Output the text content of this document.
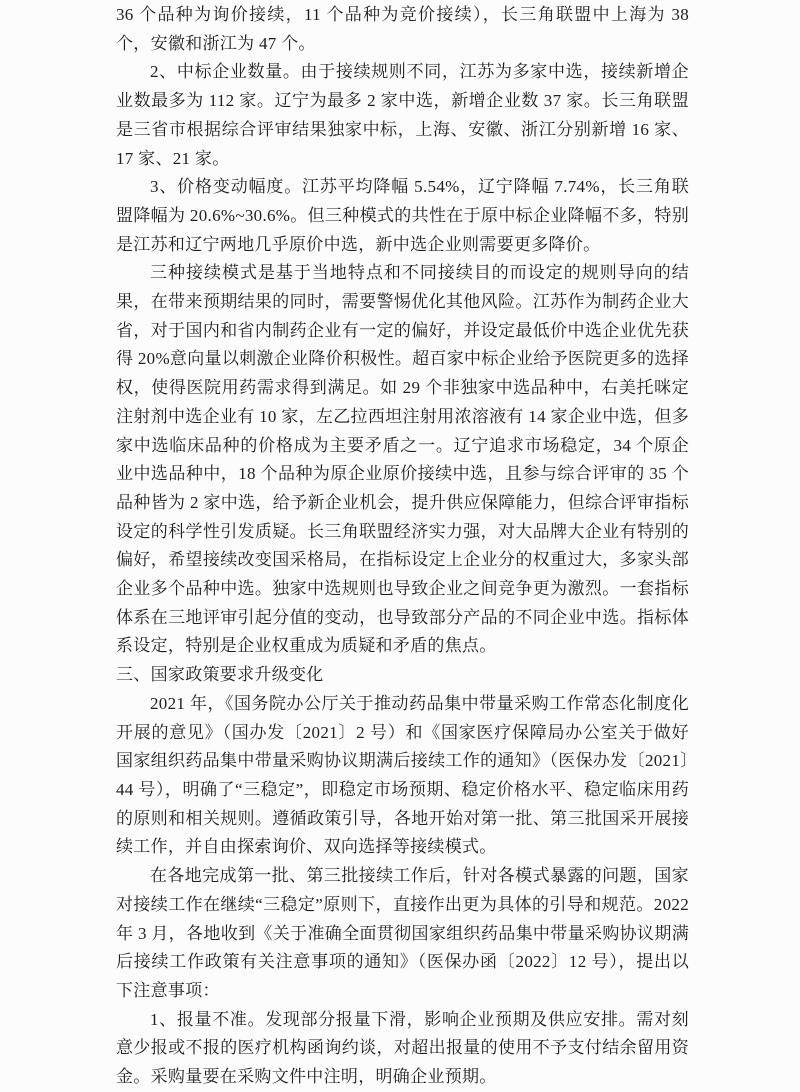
36 个品种为询价接续，11 个品种为竞价接续），长三角联盟中上海为 38 个，安徽和浙江为 47 个。

2、中标企业数量。由于接续规则不同，江苏为多家中选，接续新增企业数最多为 112 家。辽宁为最多 2 家中选，新增企业数 37 家。长三角联盟是三省市根据综合评审结果独家中标，上海、安徽、浙江分别新增 16 家、17 家、21 家。

3、价格变动幅度。江苏平均降幅 5.54%，辽宁降幅 7.74%，长三角联盟降幅为 20.6%~30.6%。但三种模式的共性在于原中标企业降幅不多，特别是江苏和辽宁两地几乎原价中选，新中选企业则需要更多降价。

三种接续模式是基于当地特点和不同接续目的而设定的规则导向的结果，在带来预期结果的同时，需要警惕优化其他风险。江苏作为制药企业大省，对于国内和省内制药企业有一定的偏好，并设定最低价中选企业优先获得 20%意向量以刺激企业降价积极性。超百家中标企业给予医院更多的选择权，使得医院用药需求得到满足。如 29 个非独家中选品种中，右美托咪定注射剂中选企业有 10 家，左乙拉西坦注射用浓溶液有 14 家企业中选，但多家中选临床品种的价格成为主要矛盾之一。辽宁追求市场稳定，34 个原企业中选品种中，18 个品种为原企业原价接续中选，且参与综合评审的 35 个品种皆为 2 家中选，给予新企业机会，提升供应保障能力，但综合评审指标设定的科学性引发质疑。长三角联盟经济实力强，对大品牌大企业有特别的偏好，希望接续改变国采格局，在指标设定上企业分的权重过大，多家头部企业多个品种中选。独家中选规则也导致企业之间竞争更为激烈。一套指标体系在三地评审引起分值的变动，也导致部分产品的不同企业中选。指标体系设定，特别是企业权重成为质疑和矛盾的焦点。

三、国家政策要求升级变化

2021 年，《国务院办公厅关于推动药品集中带量采购工作常态化制度化开展的意见》（国办发〔2021〕2 号）和《国家医疗保障局办公室关于做好国家组织药品集中带量采购协议期满后接续工作的通知》（医保办发〔2021〕44 号），明确了“三稳定”，即稳定市场预期、稳定价格水平、稳定临床用药的原则和相关规则。遵循政策引导，各地开始对第一批、第三批国采开展接续工作，并自由探索询价、双向选择等接续模式。

在各地完成第一批、第三批接续工作后，针对各模式暴露的问题，国家对接续工作在继续“三稳定”原则下，直接作出更为具体的引导和规范。2022 年 3 月，各地收到《关于准确全面贯彻国家组织药品集中带量采购协议期满后接续工作政策有关注意事项的通知》（医保办函〔2022〕12 号），提出以下注意事项：

1、报量不准。发现部分报量下滑，影响企业预期及供应安排。需对刻意少报或不报的医疗机构函询约谈，对超出报量的使用不予支付结余留用资金。采购量要在采购文件中注明，明确企业预期。
